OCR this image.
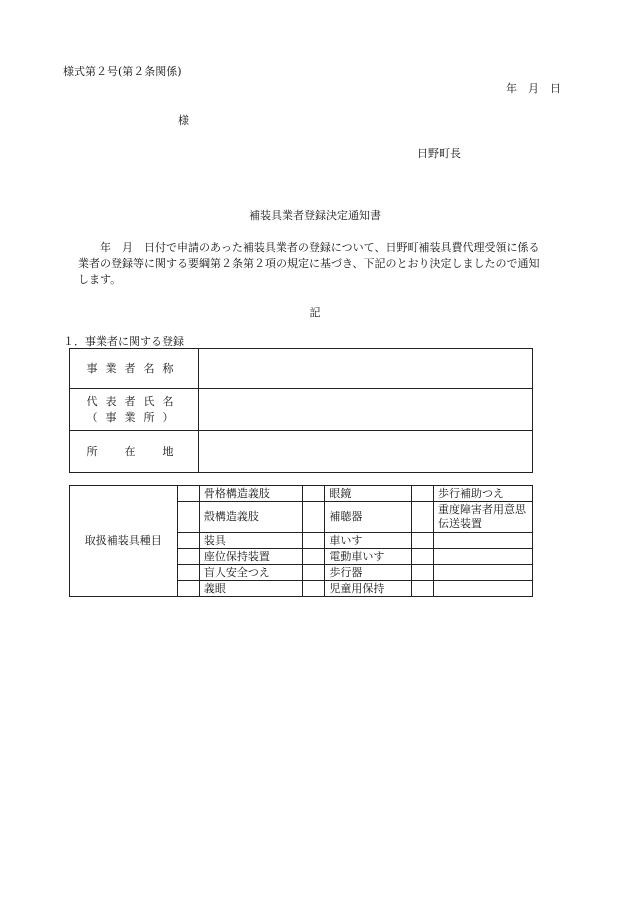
様式第２号(第２条関係)
年　月　日
様
日野町長
補装具業者登録決定通知書
年　月　日付で申請のあった補装具業者の登録について、日野町補装具費代理受領に係る業者の登録等に関する要綱第２条第２項の規定に基づき、下記のとおり決定しましたので通知します。
記
１．事業者に関する登録
事業者名称	

代表者氏名
（事業所）	

所　在　地	
取扱補装具種目		骨格構造義肢		眼鏡		歩行補助つえ
		殻構造義肢		補聴器		重度障害者用意思伝送装置
		装具		車いす		
		座位保持装置		電動車いす		
		盲人安全つえ		歩行器		
		義眼		児童用保持		
